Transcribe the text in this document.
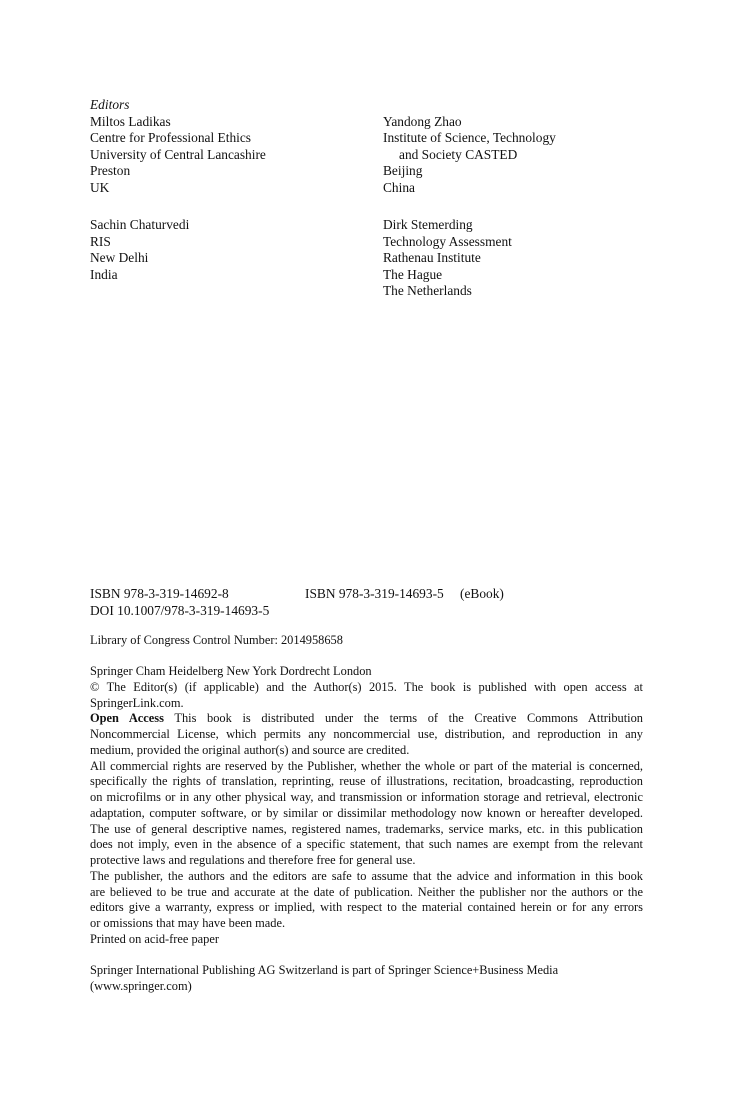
Editors
Miltos Ladikas
Centre for Professional Ethics
University of Central Lancashire
Preston
UK
Yandong Zhao
Institute of Science, Technology
and Society CASTED
Beijing
China
Sachin Chaturvedi
RIS
New Delhi
India
Dirk Stemerding
Technology Assessment
Rathenau Institute
The Hague
The Netherlands
ISBN 978-3-319-14692-8	ISBN 978-3-319-14693-5 (eBook)
DOI 10.1007/978-3-319-14693-5
Library of Congress Control Number: 2014958658
Springer Cham Heidelberg New York Dordrecht London
© The Editor(s) (if applicable) and the Author(s) 2015. The book is published with open access at
SpringerLink.com.
Open Access This book is distributed under the terms of the Creative Commons Attribution
Noncommercial License, which permits any noncommercial use, distribution, and reproduction in any
medium, provided the original author(s) and source are credited.
All commercial rights are reserved by the Publisher, whether the whole or part of the material is concerned,
specifically the rights of translation, reprinting, reuse of illustrations, recitation, broadcasting, reproduction
on microfilms or in any other physical way, and transmission or information storage and retrieval, electronic
adaptation, computer software, or by similar or dissimilar methodology now known or hereafter developed.
The use of general descriptive names, registered names, trademarks, service marks, etc. in this publication
does not imply, even in the absence of a specific statement, that such names are exempt from the relevant
protective laws and regulations and therefore free for general use.
The publisher, the authors and the editors are safe to assume that the advice and information in this book
are believed to be true and accurate at the date of publication. Neither the publisher nor the authors or the
editors give a warranty, express or implied, with respect to the material contained herein or for any errors
or omissions that may have been made.
Printed on acid-free paper
Springer International Publishing AG Switzerland is part of Springer Science+Business Media
(www.springer.com)
